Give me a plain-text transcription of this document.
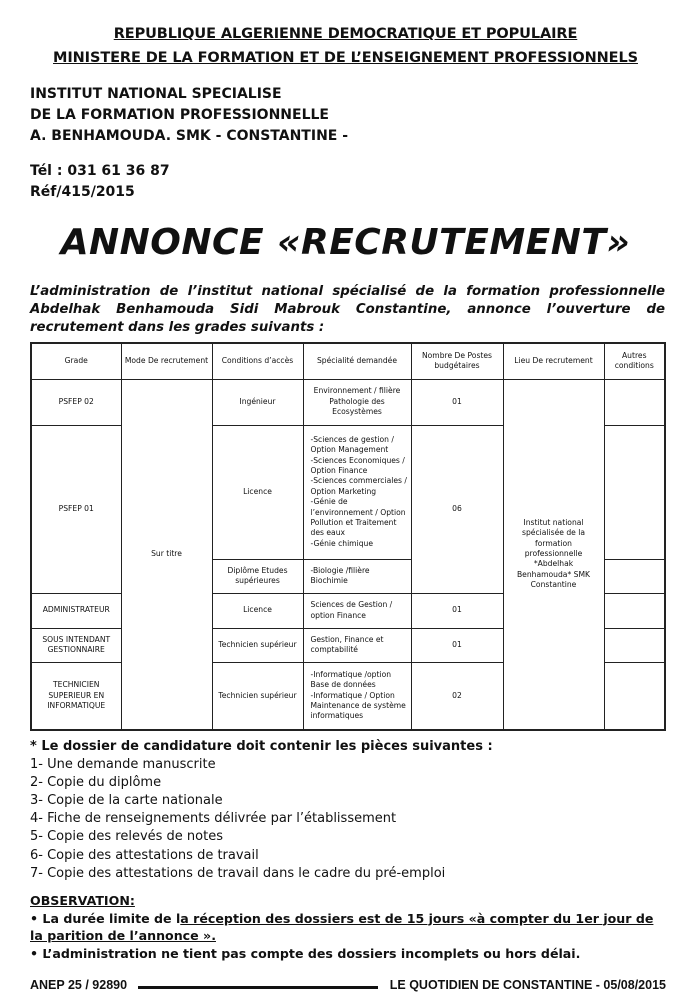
REPUBLIQUE ALGERIENNE DEMOCRATIQUE ET POPULAIRE
MINISTERE DE LA FORMATION ET DE L’ENSEIGNEMENT PROFESSIONNELS
INSTITUT NATIONAL SPECIALISE
DE LA FORMATION PROFESSIONNELLE
A. BENHAMOUDA. SMK - CONSTANTINE -
Tél : 031 61 36 87
Réf/415/2015
ANNONCE «RECRUTEMENT»
L’administration de l’institut national spécialisé de la formation professionnelle Abdelhak Benhamouda Sidi Mabrouk Constantine, annonce l’ouverture de recrutement dans les grades suivants :
Grade	Mode De recrutement	Conditions d’accès	Spécialité demandée	Nombre De Postes budgétaires	Lieu De recrutement	Autres conditions
PSFEP 02	Sur titre	Ingénieur	Environnement / filière Pathologie des Ecosystèmes	01	Institut national spécialisée de la formation professionnelle *Abdelhak Benhamouda* SMK Constantine	
PSFEP 01		Licence	-Sciences de gestion / Option Management
-Sciences Economiques / Option Finance
-Sciences commerciales / Option Marketing
-Génie de l’environnement / Option Pollution et Traitement des eaux
-Génie chimique	06		
		Diplôme Etudes supérieures	-Biologie /filière Biochimie			
ADMINISTRATEUR		Licence	Sciences de Gestion / option Finance	01		
SOUS INTENDANT GESTIONNAIRE		Technicien supérieur	Gestion, Finance et comptabilité	01		
TECHNICIEN SUPERIEUR EN INFORMATIQUE		Technicien supérieur	-Informatique /option Base de données
-Informatique / Option Maintenance de système informatiques	02		
* Le dossier de candidature doit contenir les pièces suivantes :
1- Une demande manuscrite
2- Copie du diplôme
3- Copie de la carte nationale
4- Fiche de renseignements délivrée par l’établissement
5- Copie des relevés de notes
6- Copie des attestations de travail
7- Copie des attestations de travail dans le cadre du pré-emploi
OBSERVATION:
• La durée limite de la réception des dossiers est de 15 jours «à compter du 1er jour de la parition de l’annonce ».
• L’administration ne tient pas compte des dossiers incomplets ou hors délai.
ANEP 25 / 92890	LE QUOTIDIEN DE CONSTANTINE - 05/08/2015
